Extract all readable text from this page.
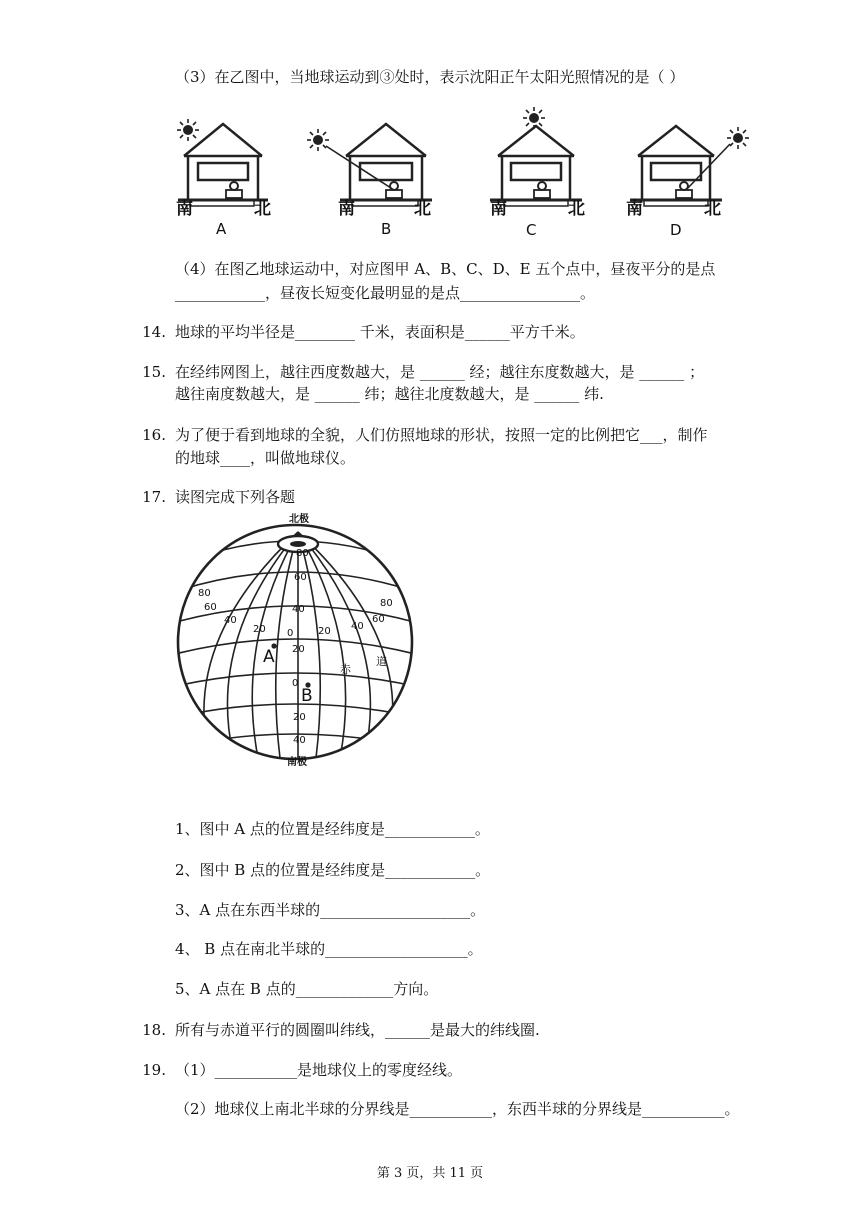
（3）在乙图中，当地球运动到③处时，表示沈阳正午太阳光照情况的是（ ）
南	北
A
南	北
B
南	北
C
南	北
D
（4）在图乙地球运动中，对应图甲 A、B、C、D、E 五个点中，昼夜平分的是点
____________，昼夜长短变化最明显的是点________________。
14. 地球的平均半径是________ 千米，表面积是______平方千米。
15. 在经纬网图上，越往西度数越大，是 ______ 经；越往东度数越大，是 ______ ；
越往南度数越大，是 ______ 纬；越往北度数越大，是 ______ 纬.
16. 为了便于看到地球的全貌，人们仿照地球的形状，按照一定的比例把它___，制作
的地球____，叫做地球仪。
17. 读图完成下列各题
北极
南极
赤
道
A
B
80
60
40
20 0 20 40
60
80
80
60
40
20
0
20
40
1、图中 A 点的位置是经纬度是____________。
2、图中 B 点的位置是经纬度是____________。
3、A 点在东西半球的____________________。
4、 B 点在南北半球的___________________。
5、A 点在 B 点的_____________方向。
18. 所有与赤道平行的圆圈叫纬线，______是最大的纬线圈.
19. （1）___________是地球仪上的零度经线。
（2）地球仪上南北半球的分界线是___________，东西半球的分界线是___________。
第 3 页，共 11 页
